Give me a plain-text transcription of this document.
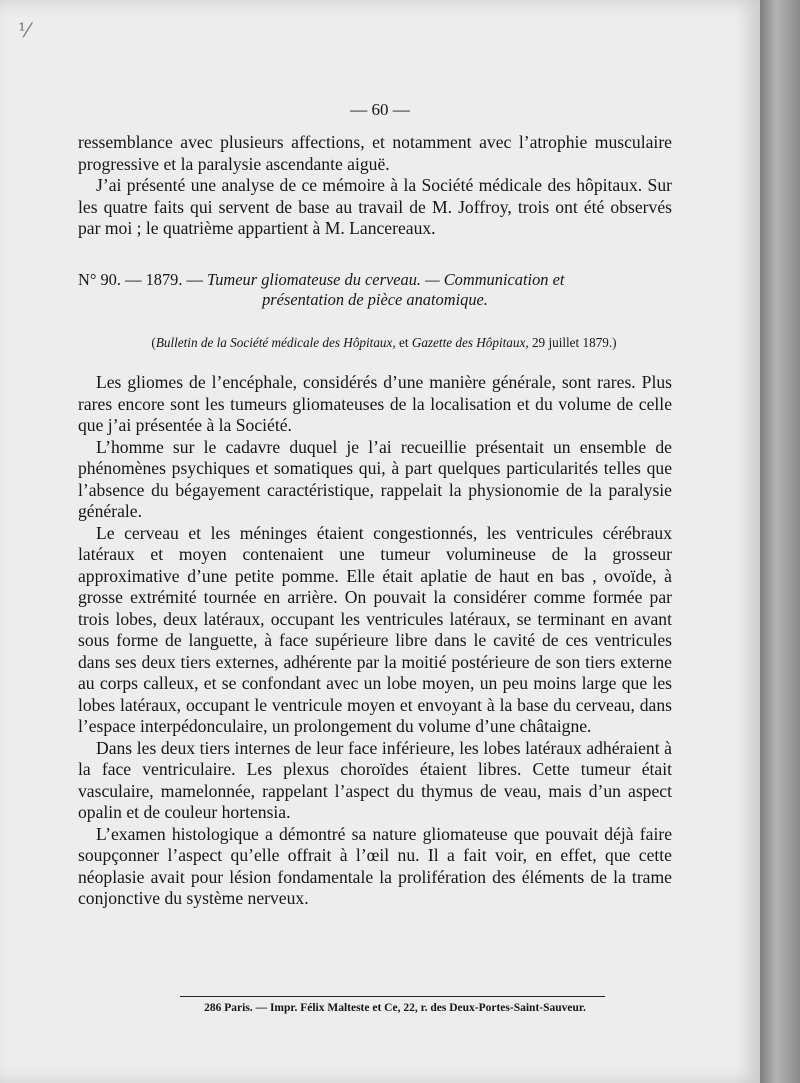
⅟
— 60 —

ressemblance avec plusieurs affections, et notamment avec l’atrophie musculaire progressive et la paralysie ascendante aiguë.

J’ai présenté une analyse de ce mémoire à la Société médicale des hôpitaux. Sur les quatre faits qui servent de base au travail de M. Joffroy, trois ont été observés par moi ; le quatrième appartient à M. Lancereaux.

N° 90. — 1879. — Tumeur gliomateuse du cerveau. — Communication et
présentation de pièce anatomique.
(Bulletin de la Société médicale des Hôpitaux, et Gazette des Hôpitaux, 29 juillet 1879.)

Les gliomes de l’encéphale, considérés d’une manière générale, sont rares. Plus rares encore sont les tumeurs gliomateuses de la localisation et du volume de celle que j’ai présentée à la Société.

L’homme sur le cadavre duquel je l’ai recueillie présentait un ensemble de phénomènes psychiques et somatiques qui, à part quelques particularités telles que l’absence du bégayement caractéristique, rappelait la physionomie de la paralysie générale.

Le cerveau et les méninges étaient congestionnés, les ventricules cérébraux latéraux et moyen contenaient une tumeur volumineuse de la grosseur approximative d’une petite pomme. Elle était aplatie de haut en bas , ovoïde, à grosse extrémité tournée en arrière. On pouvait la considérer comme formée par trois lobes, deux latéraux, occupant les ventricules latéraux, se terminant en avant sous forme de languette, à face supérieure libre dans le cavité de ces ventricules dans ses deux tiers externes, adhérente par la moitié postérieure de son tiers externe au corps calleux, et se confondant avec un lobe moyen, un peu moins large que les lobes latéraux, occupant le ventricule moyen et envoyant à la base du cerveau, dans l’espace interpédonculaire, un prolongement du volume d’une châtaigne.

Dans les deux tiers internes de leur face inférieure, les lobes latéraux adhéraient à la face ventriculaire. Les plexus choroïdes étaient libres. Cette tumeur était vasculaire, mamelonnée, rappelant l’aspect du thymus de veau, mais d’un aspect opalin et de couleur hortensia.

L’examen histologique a démontré sa nature gliomateuse que pouvait déjà faire soupçonner l’aspect qu’elle offrait à l’œil nu. Il a fait voir, en effet, que cette néoplasie avait pour lésion fondamentale la prolifération des éléments de la trame conjonctive du système nerveux.

286 Paris. — Impr. Félix Malteste et Ce, 22, r. des Deux-Portes-Saint-Sauveur.
